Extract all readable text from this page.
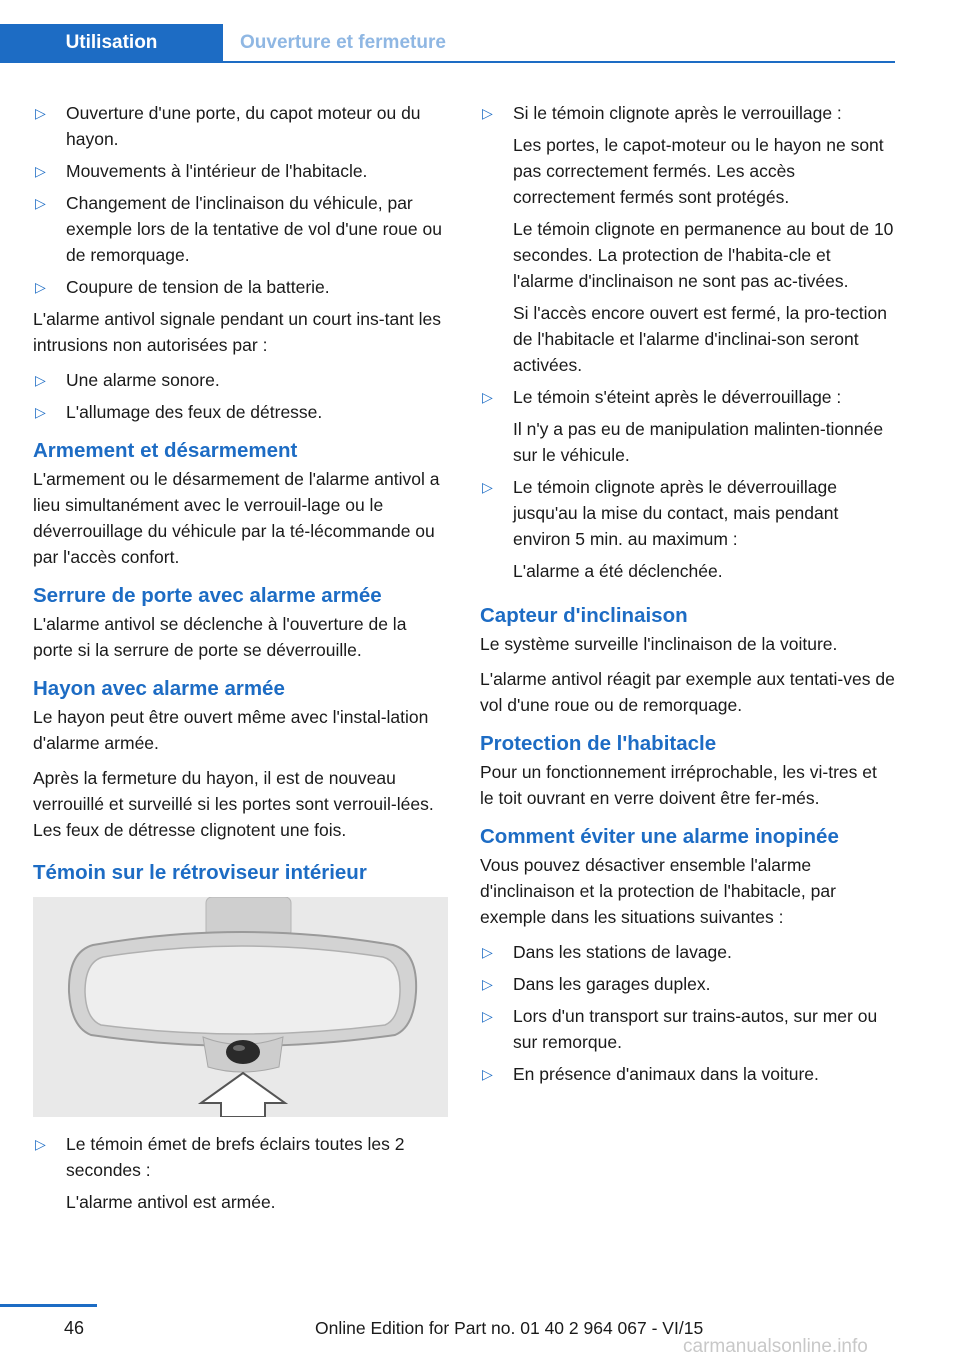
Utilisation	Ouverture et fermeture
▷ Ouverture d'une porte, du capot moteur ou du hayon.
▷ Mouvements à l'intérieur de l'habitacle.
▷ Changement de l'inclinaison du véhicule, par exemple lors de la tentative de vol d'une roue ou de remorquage.
▷ Coupure de tension de la batterie.

L'alarme antivol signale pendant un court ins‐tant les intrusions non autorisées par :

▷ Une alarme sonore.
▷ L'allumage des feux de détresse.
Armement et désarmement

L'armement ou le désarmement de l'alarme antivol a lieu simultanément avec le verrouil‐lage ou le déverrouillage du véhicule par la té‐lécommande ou par l'accès confort.

Serrure de porte avec alarme armée

L'alarme antivol se déclenche à l'ouverture de la porte si la serrure de porte se déverrouille.

Hayon avec alarme armée

Le hayon peut être ouvert même avec l'instal‐lation d'alarme armée.

Après la fermeture du hayon, il est de nouveau verrouillé et surveillé si les portes sont verrouil‐lées. Les feux de détresse clignotent une fois.

Témoin sur le rétroviseur intérieur
▷ Le témoin émet de brefs éclairs toutes les 2 secondes :
L'alarme antivol est armée.
▷ Si le témoin clignote après le verrouillage :
Les portes, le capot-moteur ou le hayon ne sont pas correctement fermés. Les accès correctement fermés sont protégés.
Le témoin clignote en permanence au bout de 10 secondes. La protection de l'habita‐cle et l'alarme d'inclinaison ne sont pas ac‐tivées.
Si l'accès encore ouvert est fermé, la pro‐tection de l'habitacle et l'alarme d'inclinai‐son seront activées.
▷ Le témoin s'éteint après le déverrouillage :
Il n'y a pas eu de manipulation malinten‐tionnée sur le véhicule.
▷ Le témoin clignote après le déverrouillage jusqu'au la mise du contact, mais pendant environ 5 min. au maximum :
L'alarme a été déclenchée.
Capteur d'inclinaison

Le système surveille l'inclinaison de la voiture.

L'alarme antivol réagit par exemple aux tentati‐ves de vol d'une roue ou de remorquage.

Protection de l'habitacle

Pour un fonctionnement irréprochable, les vi‐tres et le toit ouvrant en verre doivent être fer‐més.

Comment éviter une alarme inopinée

Vous pouvez désactiver ensemble l'alarme d'inclinaison et la protection de l'habitacle, par exemple dans les situations suivantes :

▷ Dans les stations de lavage.
▷ Dans les garages duplex.
▷ Lors d'un transport sur trains-autos, sur mer ou sur remorque.
▷ En présence d'animaux dans la voiture.
46	Online Edition for Part no. 01 40 2 964 067 - VI/15
carmanualsonline.info
